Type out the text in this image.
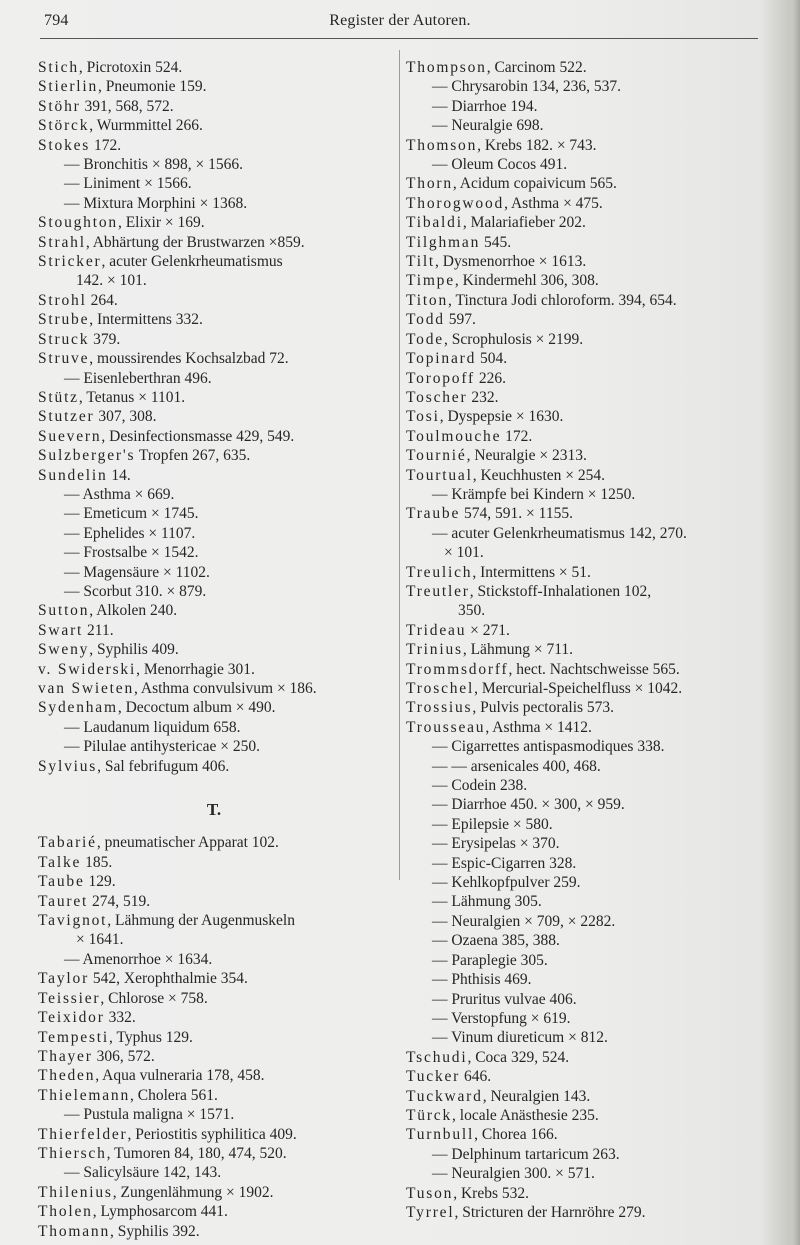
794	Register der Autoren.
Stich, Picrotoxin 524.
Stierlin, Pneumonie 159.
Stöhr 391, 568, 572.
Störck, Wurmmittel 266.
Stokes 172.
— Bronchitis × 898, × 1566.
— Liniment × 1566.
— Mixtura Morphini × 1368.
Stoughton, Elixir × 169.
Strahl, Abhärtung der Brustwarzen ×859.
Stricker, acuter Gelenkrheumatismus
142. × 101.
Strohl 264.
Strube, Intermittens 332.
Struck 379.
Struve, moussirendes Kochsalzbad 72.
— Eisenleberthran 496.
Stütz, Tetanus × 1101.
Stutzer 307, 308.
Suevern, Desinfectionsmasse 429, 549.
Sulzberger's Tropfen 267, 635.
Sundelin 14.
— Asthma × 669.
— Emeticum × 1745.
— Ephelides × 1107.
— Frostsalbe × 1542.
— Magensäure × 1102.
— Scorbut 310. × 879.
Sutton, Alkolen 240.
Swart 211.
Sweny, Syphilis 409.
v. Swiderski, Menorrhagie 301.
van Swieten, Asthma convulsivum × 186.
Sydenham, Decoctum album × 490.
— Laudanum liquidum 658.
— Pilulae antihystericae × 250.
Sylvius, Sal febrifugum 406.
T.
Tabarié, pneumatischer Apparat 102.
Talke 185.
Taube 129.
Tauret 274, 519.
Tavignot, Lähmung der Augenmuskeln
× 1641.
— Amenorrhoe × 1634.
Taylor 542, Xerophthalmie 354.
Teissier, Chlorose × 758.
Teixidor 332.
Tempesti, Typhus 129.
Thayer 306, 572.
Theden, Aqua vulneraria 178, 458.
Thielemann, Cholera 561.
— Pustula maligna × 1571.
Thierfelder, Periostitis syphilitica 409.
Thiersch, Tumoren 84, 180, 474, 520.
— Salicylsäure 142, 143.
Thilenius, Zungenlähmung × 1902.
Tholen, Lymphosarcom 441.
Thomann, Syphilis 392.
Thompson, Carcinom 522.
— Chrysarobin 134, 236, 537.
— Diarrhoe 194.
— Neuralgie 698.
Thomson, Krebs 182. × 743.
— Oleum Cocos 491.
Thorn, Acidum copaivicum 565.
Thorogwood, Asthma × 475.
Tibaldi, Malariafieber 202.
Tilghman 545.
Tilt, Dysmenorrhoe × 1613.
Timpe, Kindermehl 306, 308.
Titon, Tinctura Jodi chloroform. 394, 654.
Todd 597.
Tode, Scrophulosis × 2199.
Topinard 504.
Toropoff 226.
Toscher 232.
Tosi, Dyspepsie × 1630.
Toulmouche 172.
Tournié, Neuralgie × 2313.
Tourtual, Keuchhusten × 254.
— Krämpfe bei Kindern × 1250.
Traube 574, 591. × 1155.
— acuter Gelenkrheumatismus 142, 270.
× 101.
Treulich, Intermittens × 51.
Treutler, Stickstoff-Inhalationen 102,
350.
Trideau × 271.
Trinius, Lähmung × 711.
Trommsdorff, hect. Nachtschweisse 565.
Troschel, Mercurial-Speichelfluss × 1042.
Trossius, Pulvis pectoralis 573.
Trousseau, Asthma × 1412.
— Cigarrettes antispasmodiques 338.
— — arsenicales 400, 468.
— Codein 238.
— Diarrhoe 450. × 300, × 959.
— Epilepsie × 580.
— Erysipelas × 370.
— Espic-Cigarren 328.
— Kehlkopfpulver 259.
— Lähmung 305.
— Neuralgien × 709, × 2282.
— Ozaena 385, 388.
— Paraplegie 305.
— Phthisis 469.
— Pruritus vulvae 406.
— Verstopfung × 619.
— Vinum diureticum × 812.
Tschudi, Coca 329, 524.
Tucker 646.
Tuckward, Neuralgien 143.
Türck, locale Anästhesie 235.
Turnbull, Chorea 166.
— Delphinum tartaricum 263.
— Neuralgien 300. × 571.
Tuson, Krebs 532.
Tyrrel, Stricturen der Harnröhre 279.
